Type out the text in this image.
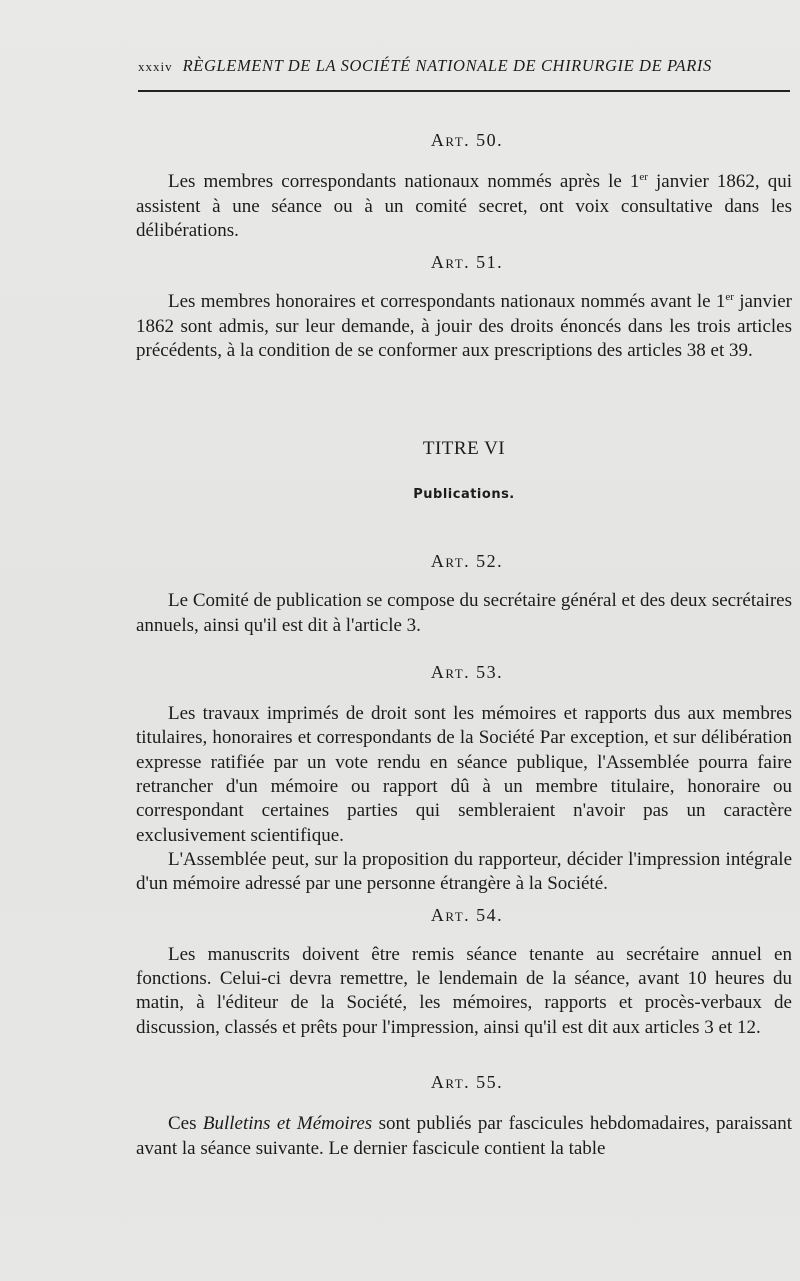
xxxiv RÈGLEMENT DE LA SOCIÉTÉ NATIONALE DE CHIRURGIE DE PARIS
Art. 50.

Les membres correspondants nationaux nommés après le 1er janvier 1862, qui assistent à une séance ou à un comité secret, ont voix consultative dans les délibérations.

Art. 51.

Les membres honoraires et correspondants nationaux nommés avant le 1er janvier 1862 sont admis, sur leur demande, à jouir des droits énoncés dans les trois articles précédents, à la condition de se conformer aux prescriptions des articles 38 et 39.

TITRE VI
Publications.
Art. 52.

Le Comité de publication se compose du secrétaire général et des deux secrétaires annuels, ainsi qu'il est dit à l'article 3.

Art. 53.

Les travaux imprimés de droit sont les mémoires et rapports dus aux membres titulaires, honoraires et correspondants de la Société Par exception, et sur délibération expresse ratifiée par un vote rendu en séance publique, l'Assemblée pourra faire retrancher d'un mémoire ou rapport dû à un membre titulaire, honoraire ou correspondant certaines parties qui sembleraient n'avoir pas un caractère exclusivement scientifique.

L'Assemblée peut, sur la proposition du rapporteur, décider l'impression intégrale d'un mémoire adressé par une personne étrangère à la Société.

Art. 54.

Les manuscrits doivent être remis séance tenante au secrétaire annuel en fonctions. Celui-ci devra remettre, le lendemain de la séance, avant 10 heures du matin, à l'éditeur de la Société, les mémoires, rapports et procès-verbaux de discussion, classés et prêts pour l'impression, ainsi qu'il est dit aux articles 3 et 12.

Art. 55.

Ces Bulletins et Mémoires sont publiés par fascicules hebdomadaires, paraissant avant la séance suivante. Le dernier fascicule contient la table
